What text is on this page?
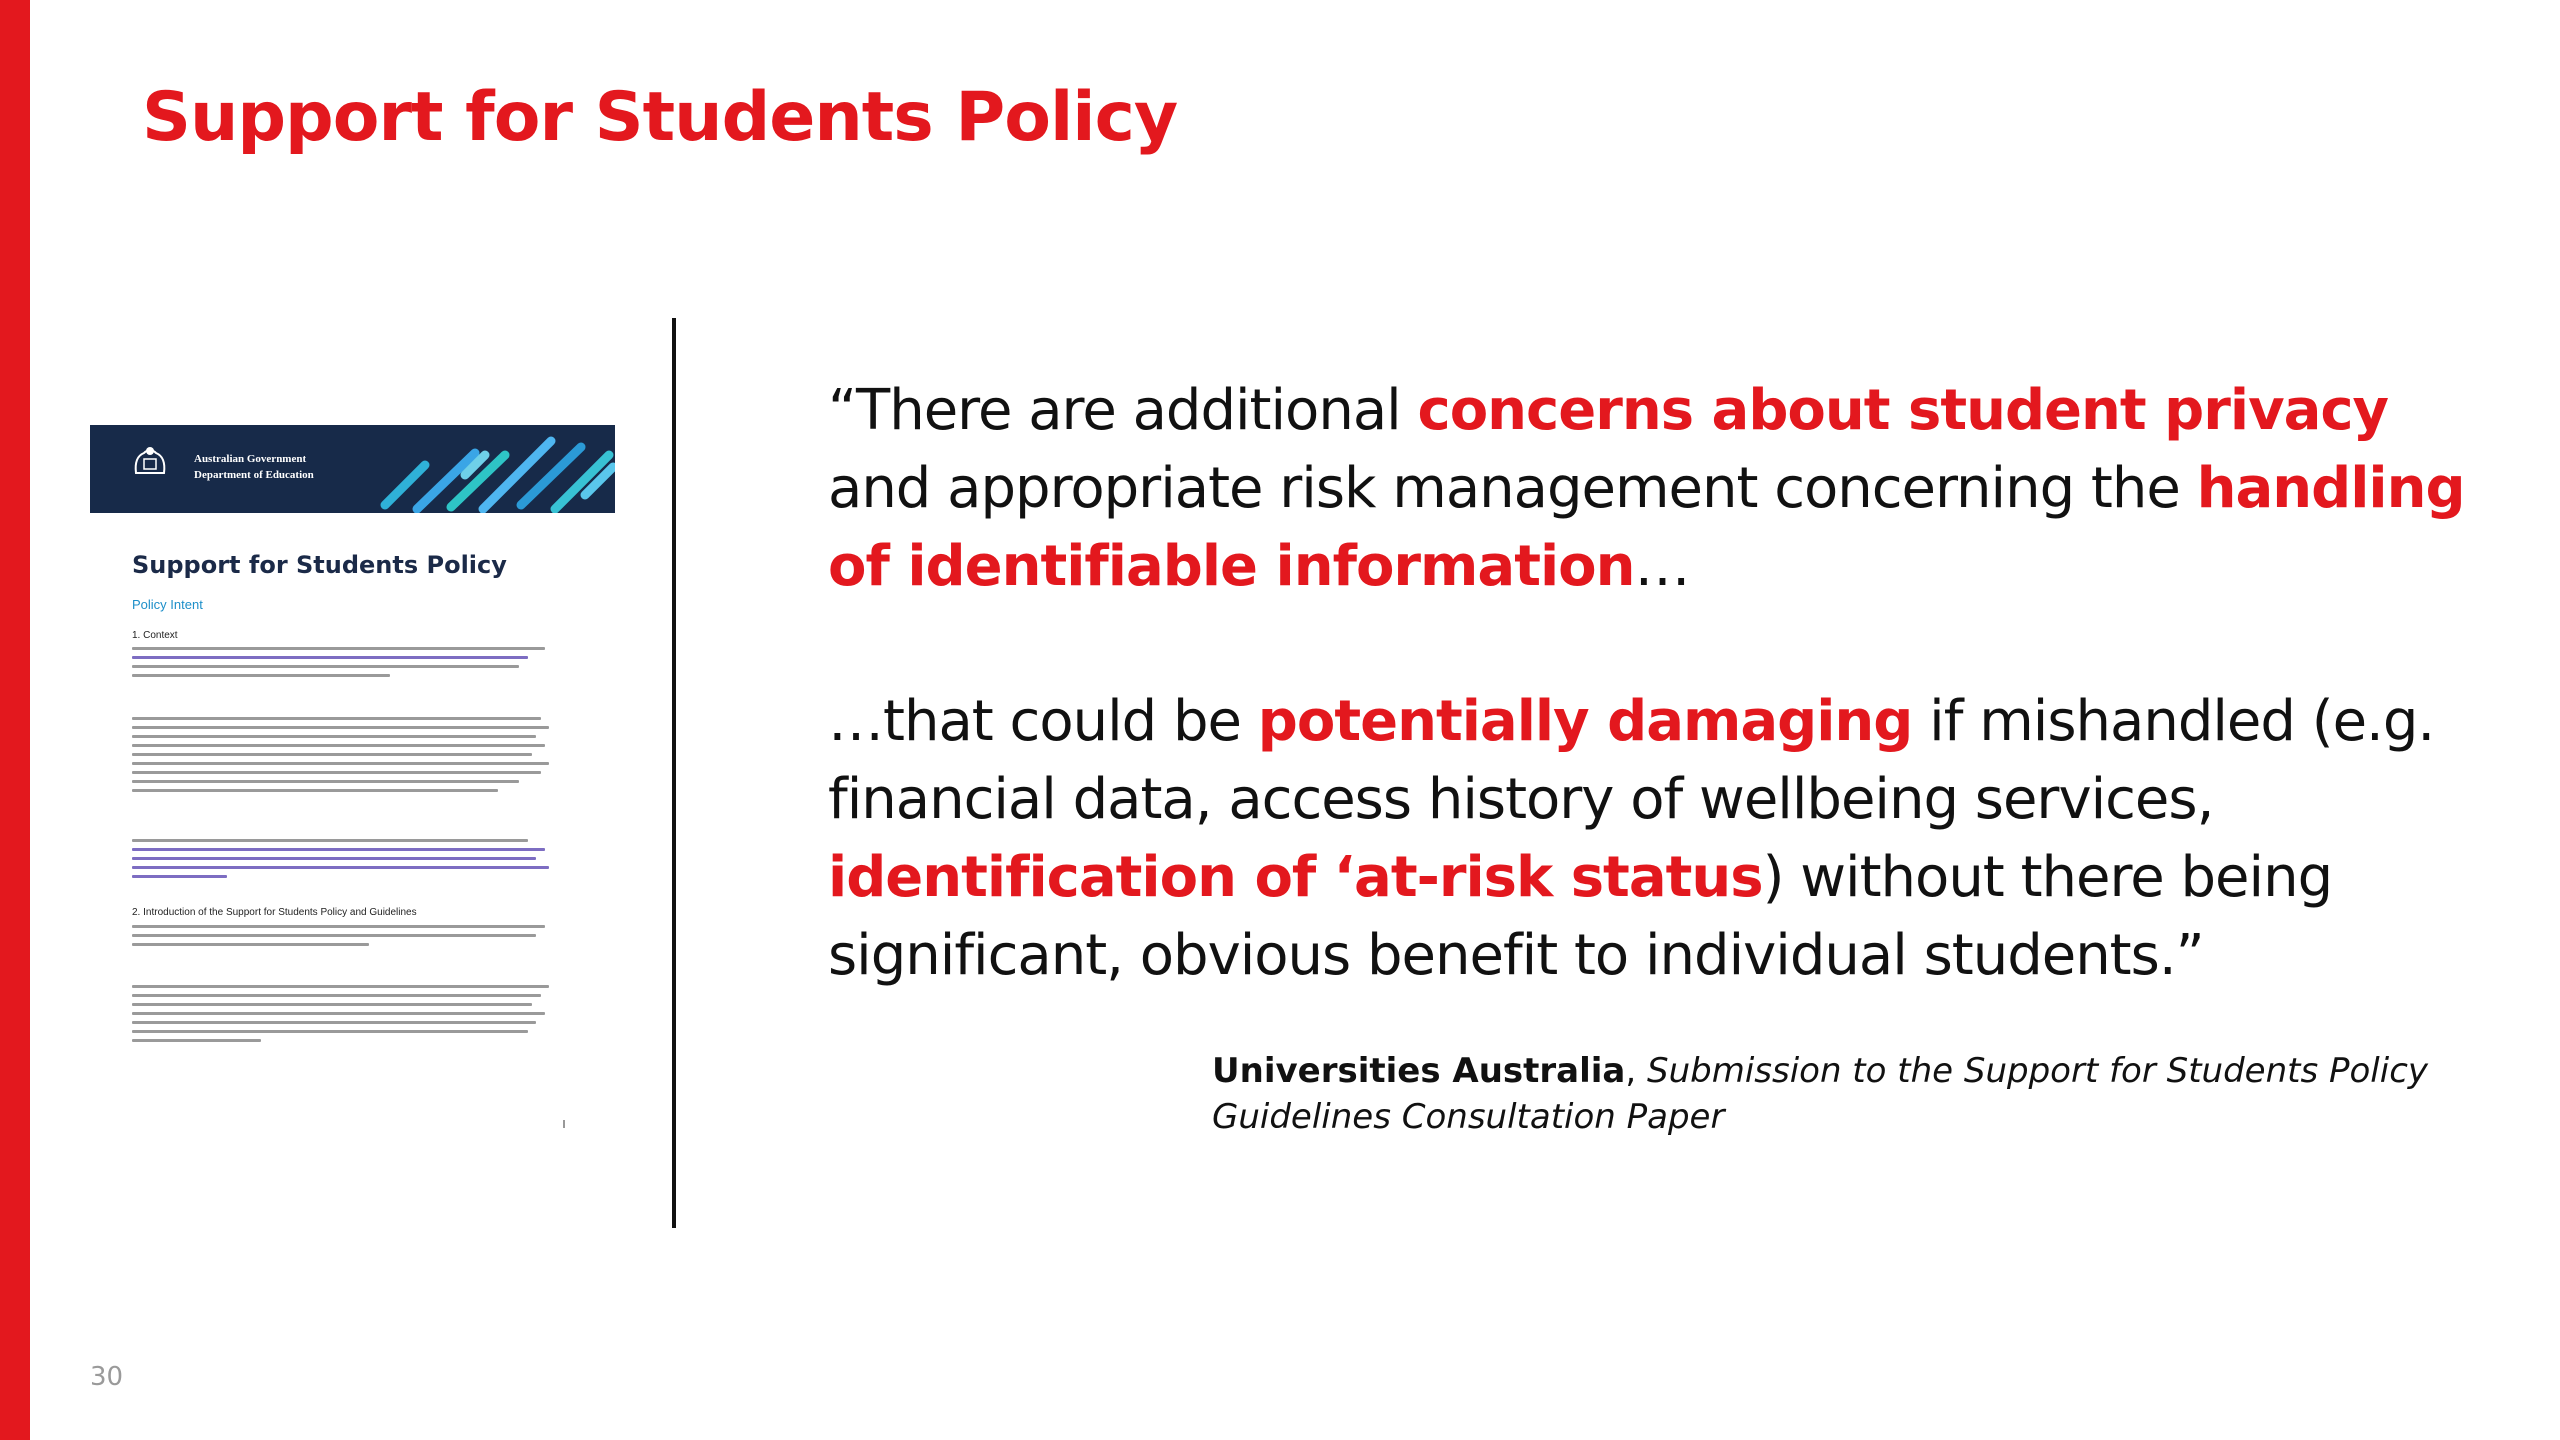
Support for Students Policy
Australian Government
Department of Education
Support for Students Policy
Policy Intent
1. Context
2. Introduction of the Support for Students Policy and Guidelines

“There are additional concerns about student privacy and appropriate risk management concerning the handling of identifiable information…

…that could be potentially damaging if mishandled (e.g. financial data, access history of wellbeing services, identification of ‘at-risk status) without there being significant, obvious benefit to individual students.”

Universities Australia, Submission to the Support for Students Policy
Guidelines Consultation Paper
30
